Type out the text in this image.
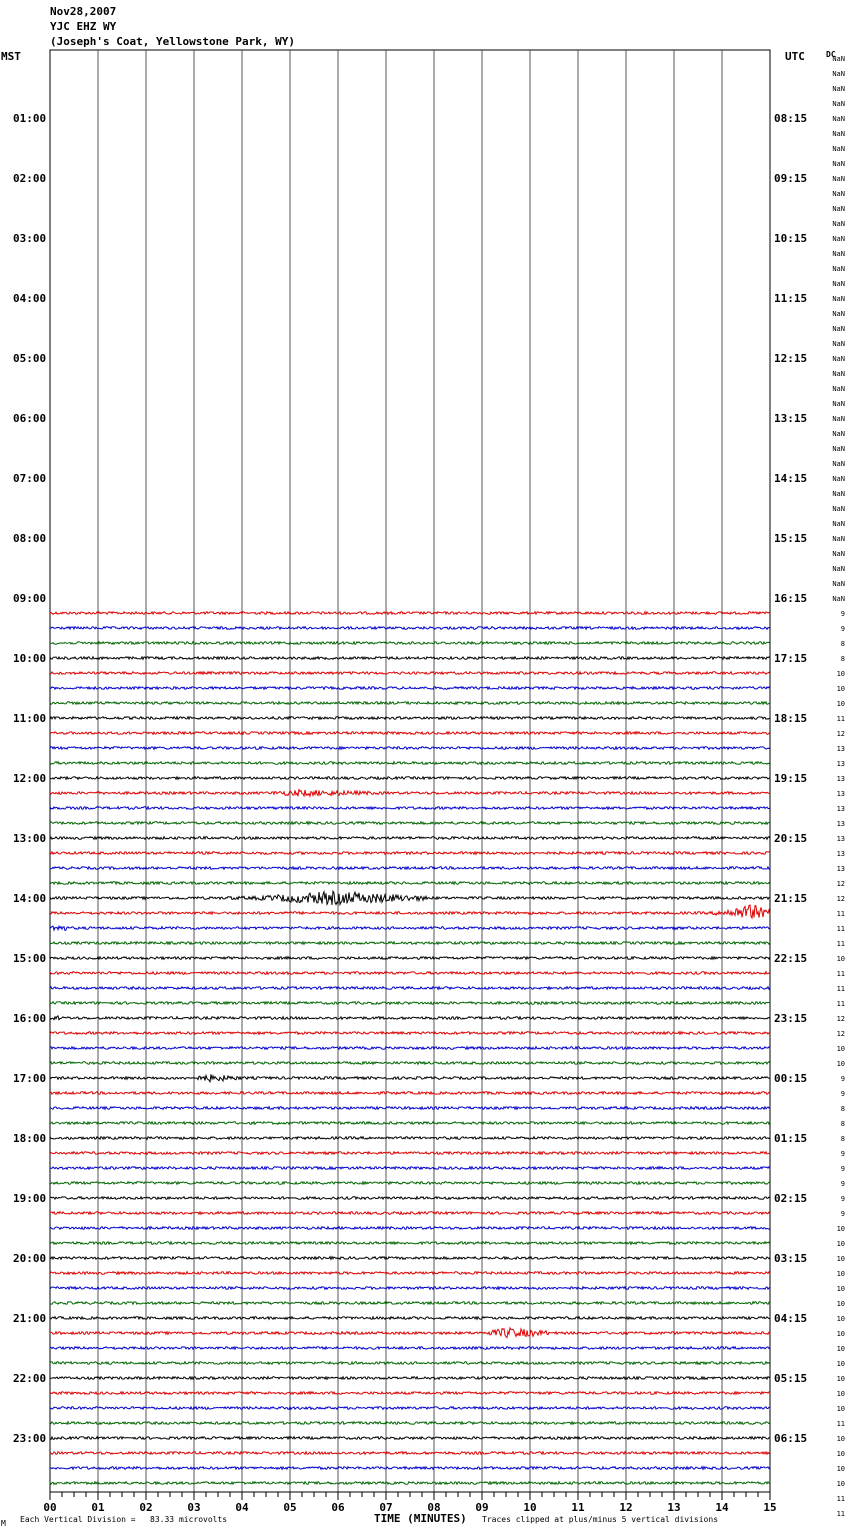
Nov28,2007
YJC EHZ WY
(Joseph's Coat, Yellowstone Park, WY)
MST	UTC	DC
00	01	02	03	04	05	06	07	08	09	10	11	12	13	14	15
01:00	08:15
02:00	09:15
03:00	10:15
04:00	11:15
05:00	12:15
06:00	13:15
07:00	14:15
08:00	15:15
09:00	16:15
10:00	17:15
11:00	18:15
12:00	19:15
13:00	20:15
14:00	21:15
15:00	22:15
16:00	23:15
17:00	00:15
18:00	01:15
19:00	02:15
20:00	03:15
21:00	04:15
22:00	05:15
23:00	06:15
NaN
NaN
NaN
NaN
NaN
NaN
NaN
NaN
NaN
NaN
NaN
NaN
NaN
NaN
NaN
NaN
NaN
NaN
NaN
NaN
NaN
NaN
NaN
NaN
NaN
NaN
NaN
NaN
NaN
NaN
NaN
NaN
NaN
NaN
NaN
NaN
NaN
9
9
8
8
10
10
10
11
12
13
13
13
13
13
13
13
13
13
12
12
11
11
11
10
11
11
11
12
12
10
10
9
9
8
8
8
9
9
9
9
9
10
10
10
10
10
10
10
10
10
10
10
10
10
11
10
10
10
10
11
11
M Each Vertical Division =   83.33 microvolts	TIME (MINUTES) Traces clipped at plus/minus 5 vertical divisions
